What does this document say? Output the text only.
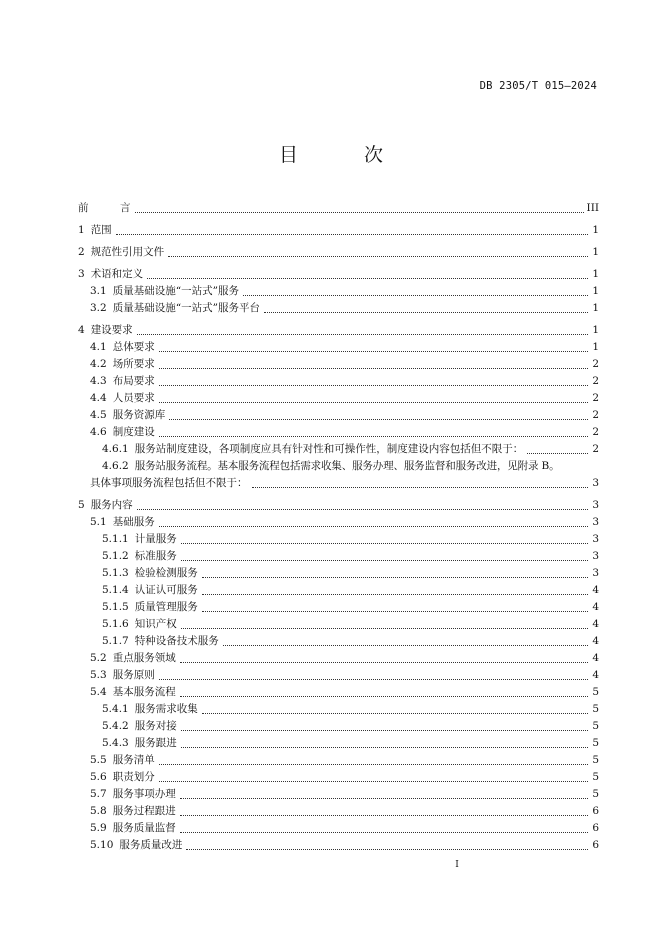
DB 2305/T 015—2024
目 次
前　　　言	III
1 范围	1
2 规范性引用文件	1
3 术语和定义	1
3.1 质量基础设施“一站式”服务	1
3.2 质量基础设施“一站式”服务平台	1
4 建设要求	1
4.1 总体要求	1
4.2 场所要求	2
4.3 布局要求	2
4.4 人员要求	2
4.5 服务资源库	2
4.6 制度建设	2
4.6.1 服务站制度建设，各项制度应具有针对性和可操作性，制度建设内容包括但不限于：	2
4.6.2 服务站服务流程。基本服务流程包括需求收集、服务办理、服务监督和服务改进，见附录 B。
具体事项服务流程包括但不限于：	3
5 服务内容	3
5.1 基础服务	3
5.1.1 计量服务	3
5.1.2 标准服务	3
5.1.3 检验检测服务	3
5.1.4 认证认可服务	4
5.1.5 质量管理服务	4
5.1.6 知识产权	4
5.1.7 特种设备技术服务	4
5.2 重点服务领域	4
5.3 服务原则	4
5.4 基本服务流程	5
5.4.1 服务需求收集	5
5.4.2 服务对接	5
5.4.3 服务跟进	5
5.5 服务清单	5
5.6 职责划分	5
5.7 服务事项办理	5
5.8 服务过程跟进	6
5.9 服务质量监督	6
5.10 服务质量改进	6
I
